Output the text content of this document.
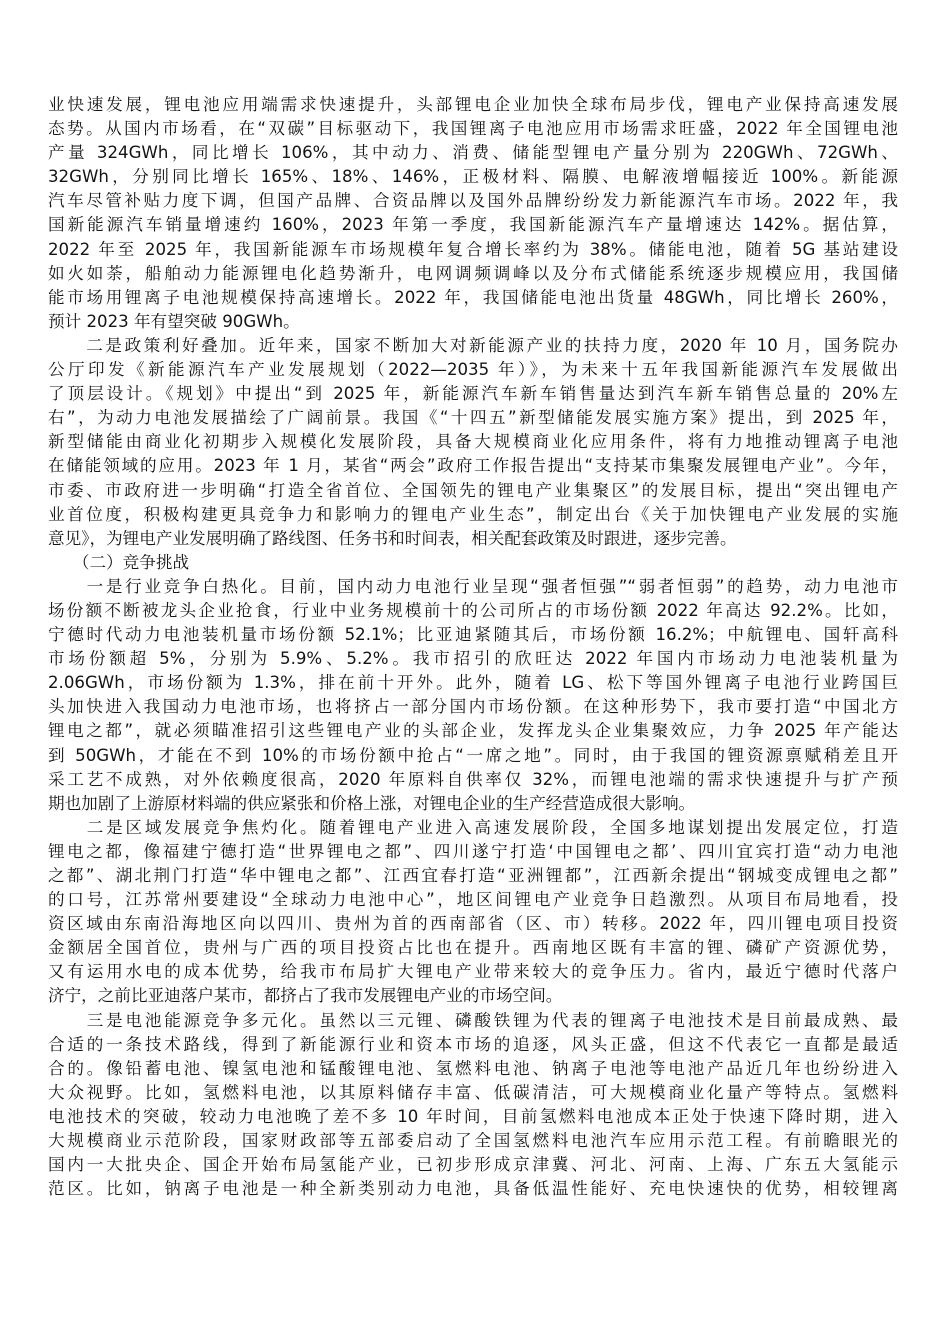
业快速发展，锂电池应用端需求快速提升，头部锂电企业加快全球布局步伐，锂电产业保持高速发展
态势。从国内市场看，在“双碳”目标驱动下，我国锂离子电池应用市场需求旺盛，2022 年全国锂电池
产量 324GWh，同比增长 106%，其中动力、消费、储能型锂电产量分别为 220GWh、72GWh、
32GWh，分别同比增长 165%、18%、146%，正极材料、隔膜、电解液增幅接近 100%。新能源
汽车尽管补贴力度下调，但国产品牌、合资品牌以及国外品牌纷纷发力新能源汽车市场。2022 年，我
国新能源汽车销量增速约 160%，2023 年第一季度，我国新能源汽车产量增速达 142%。据估算，
2022 年至 2025 年，我国新能源车市场规模年复合增长率约为 38%。储能电池，随着 5G 基站建设
如火如荼，船舶动力能源锂电化趋势渐升，电网调频调峰以及分布式储能系统逐步规模应用，我国储
能市场用锂离子电池规模保持高速增长。2022 年，我国储能电池出货量 48GWh，同比增长 260%，
预计 2023 年有望突破 90GWh。
　　二是政策利好叠加。近年来，国家不断加大对新能源产业的扶持力度，2020 年 10 月，国务院办
公厅印发《新能源汽车产业发展规划（2022—2035 年）》，为未来十五年我国新能源汽车发展做出
了顶层设计。《规划》中提出“到 2025 年，新能源汽车新车销售量达到汽车新车销售总量的 20%左
右”，为动力电池发展描绘了广阔前景。我国《“十四五”新型储能发展实施方案》提出，到 2025 年，
新型储能由商业化初期步入规模化发展阶段，具备大规模商业化应用条件，将有力地推动锂离子电池
在储能领域的应用。2023 年 1 月，某省“两会”政府工作报告提出“支持某市集聚发展锂电产业”。今年，
市委、市政府进一步明确“打造全省首位、全国领先的锂电产业集聚区”的发展目标，提出“突出锂电产
业首位度，积极构建更具竞争力和影响力的锂电产业生态”，制定出台《关于加快锂电产业发展的实施
意见》，为锂电产业发展明确了路线图、任务书和时间表，相关配套政策及时跟进，逐步完善。
　　（二）竞争挑战
　　一是行业竞争白热化。目前，国内动力电池行业呈现“强者恒强”“弱者恒弱”的趋势，动力电池市
场份额不断被龙头企业抢食，行业中业务规模前十的公司所占的市场份额 2022 年高达 92.2%。比如，
宁德时代动力电池装机量市场份额 52.1%；比亚迪紧随其后，市场份额 16.2%；中航锂电、国轩高科
市场份额超 5%，分别为 5.9%、5.2%。我市招引的欣旺达 2022 年国内市场动力电池装机量为
2.06GWh，市场份额为 1.3%，排在前十开外。此外，随着 LG、松下等国外锂离子电池行业跨国巨
头加快进入我国动力电池市场，也将挤占一部分国内市场份额。在这种形势下，我市要打造“中国北方
锂电之都”，就必须瞄准招引这些锂电产业的头部企业，发挥龙头企业集聚效应，力争 2025 年产能达
到 50GWh，才能在不到 10%的市场份额中抢占“一席之地”。同时，由于我国的锂资源禀赋稍差且开
采工艺不成熟，对外依赖度很高，2020 年原料自供率仅 32%，而锂电池端的需求快速提升与扩产预
期也加剧了上游原材料端的供应紧张和价格上涨，对锂电企业的生产经营造成很大影响。
　　二是区域发展竞争焦灼化。随着锂电产业进入高速发展阶段，全国多地谋划提出发展定位，打造
锂电之都，像福建宁德打造“世界锂电之都”、四川遂宁打造‘中国锂电之都’、四川宜宾打造“动力电池
之都”、湖北荆门打造“华中锂电之都”、江西宜春打造“亚洲锂都”，江西新余提出“钢城变成锂电之都”
的口号，江苏常州要建设“全球动力电池中心”，地区间锂电产业竞争日趋激烈。从项目布局地看，投
资区域由东南沿海地区向以四川、贵州为首的西南部省（区、市）转移。2022 年，四川锂电项目投资
金额居全国首位，贵州与广西的项目投资占比也在提升。西南地区既有丰富的锂、磷矿产资源优势，
又有运用水电的成本优势，给我市布局扩大锂电产业带来较大的竞争压力。省内，最近宁德时代落户
济宁，之前比亚迪落户某市，都挤占了我市发展锂电产业的市场空间。
　　三是电池能源竞争多元化。虽然以三元锂、磷酸铁锂为代表的锂离子电池技术是目前最成熟、最
合适的一条技术路线，得到了新能源行业和资本市场的追逐，风头正盛，但这不代表它一直都是最适
合的。像铅蓄电池、镍氢电池和锰酸锂电池、氢燃料电池、钠离子电池等电池产品近几年也纷纷进入
大众视野。比如，氢燃料电池，以其原料储存丰富、低碳清洁，可大规模商业化量产等特点。氢燃料
电池技术的突破，较动力电池晚了差不多 10 年时间，目前氢燃料电池成本正处于快速下降时期，进入
大规模商业示范阶段，国家财政部等五部委启动了全国氢燃料电池汽车应用示范工程。有前瞻眼光的
国内一大批央企、国企开始布局氢能产业，已初步形成京津冀、河北、河南、上海、广东五大氢能示
范区。比如，钠离子电池是一种全新类别动力电池，具备低温性能好、充电快速快的优势，相较锂离
